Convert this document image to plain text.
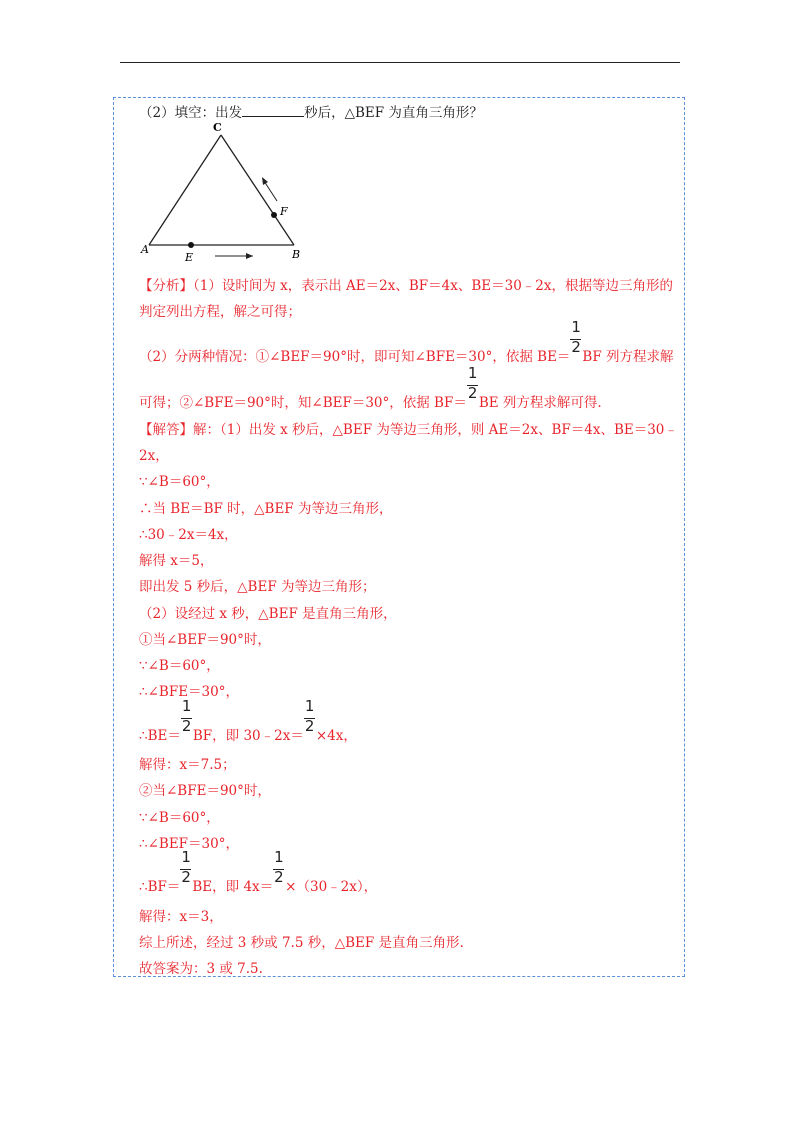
（2）填空：出发	秒后，△BEF 为直角三角形？
A	B
C
E
F
【分析】（1）设时间为 x，表示出 AE＝2x、BF＝4x、BE＝30﹣2x，根据等边三角形的
判定列出方程，解之可得；
（2）分两种情况：①∠BEF＝90°时，即可知∠BFE＝30°，依据 $BE= \frac{1}{2}$ BF 列方程求解
可得；②∠BFE＝90°时，知∠BEF＝30°，依据 $BF= \frac{1}{2}$ BE 列方程求解可得.
【解答】解：（1）出发 x 秒后，△BEF 为等边三角形，则 AE＝2x、BF＝4x、BE＝30﹣
2x，
∵∠B＝60°，
∴当 BE＝BF 时，△BEF 为等边三角形，
∴30﹣2x＝4x，
解得 x＝5，
即出发 5 秒后，△BEF 为等边三角形；
（2）设经过 x 秒，△BEF 是直角三角形，
①当∠BEF＝90°时，
∵∠B＝60°，
∴∠BFE＝30°，
∴BE＝ $\frac{1}{2}$ BF，即 30﹣2x＝ $\frac{1}{2} \times 4x$，
解得：x＝7.5；
②当∠BFE＝90°时，
∵∠B＝60°，
∴∠BEF＝30°，
∴BF＝ $\frac{1}{2}$ BE，即 $4x= \frac{1}{2}$ ×（30﹣2x），
解得：x＝3，
综上所述，经过 3 秒或 7.5 秒，△BEF 是直角三角形.
故答案为：3 或 7.5.
